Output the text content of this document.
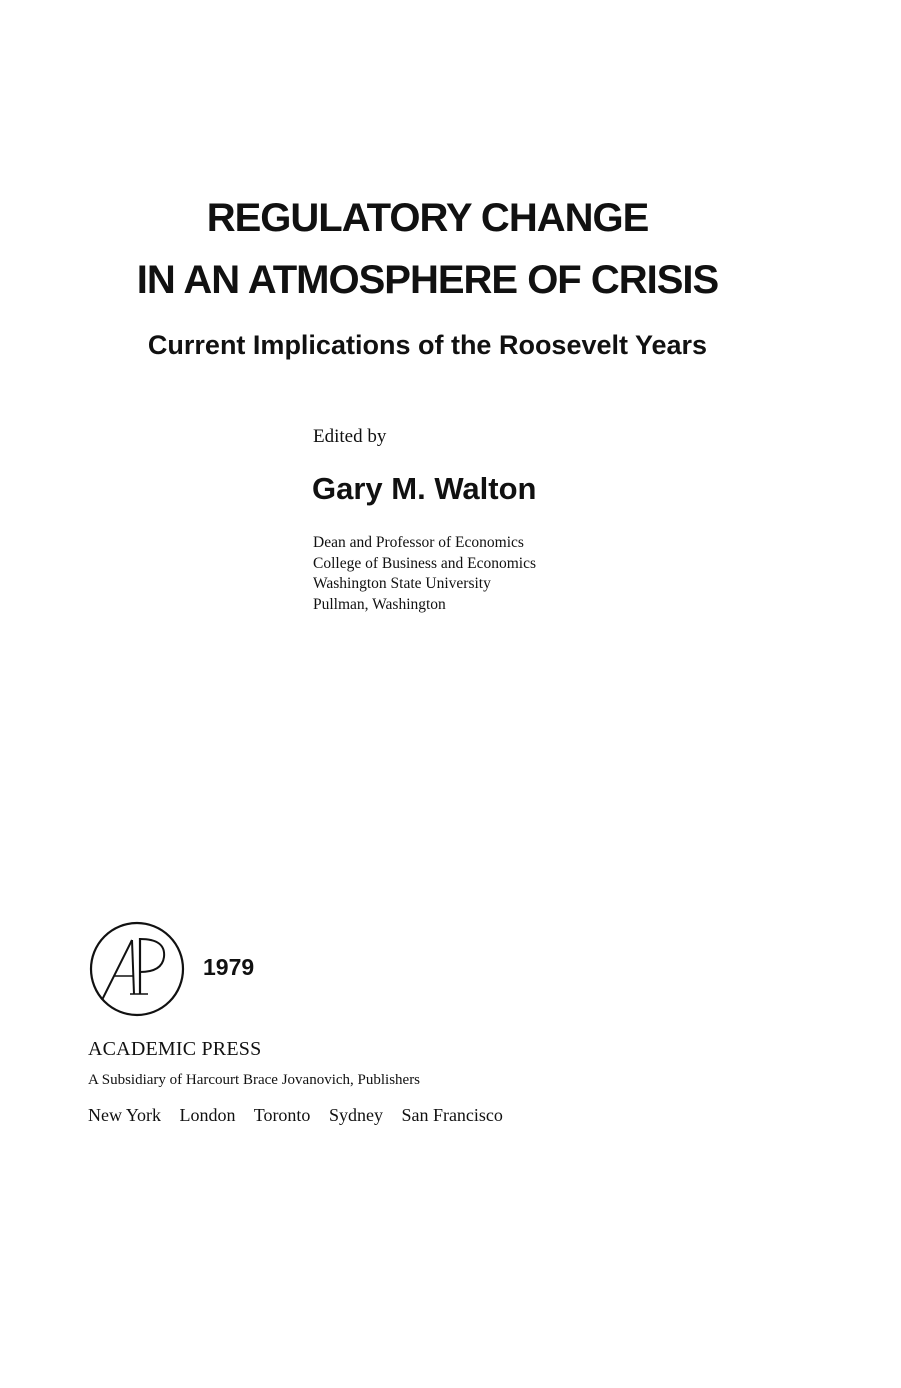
REGULATORY CHANGE
IN AN ATMOSPHERE OF CRISIS
Current Implications of the Roosevelt Years
Edited by
Gary M. Walton
Dean and Professor of Economics
College of Business and Economics
Washington State University
Pullman, Washington
1979
ACADEMIC PRESS
A Subsidiary of Harcourt Brace Jovanovich, Publishers
New York London Toronto Sydney San Francisco
